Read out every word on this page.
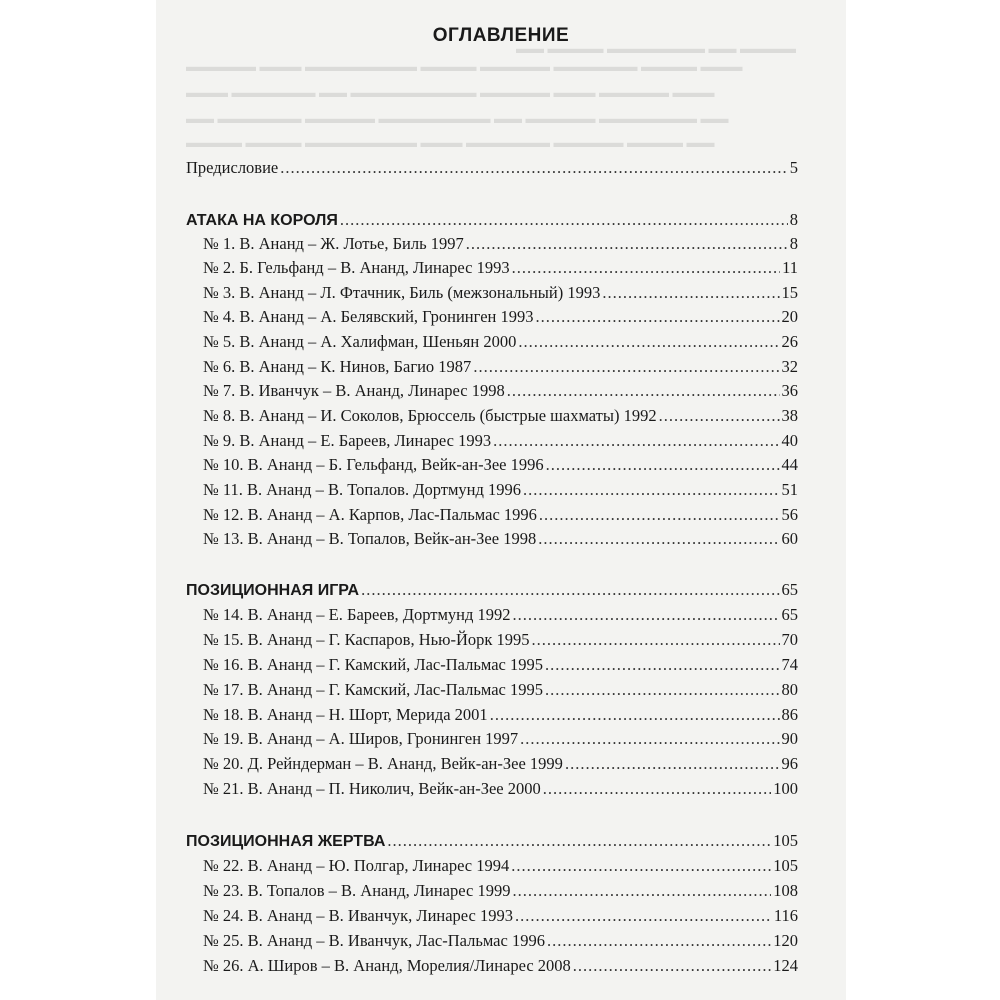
▬▬ ▬▬▬▬ ▬▬▬▬▬▬▬ ▬▬ ▬▬▬▬
▬▬▬▬▬ ▬▬▬ ▬▬▬▬▬▬▬▬ ▬▬▬▬ ▬▬▬▬▬ ▬▬▬▬▬▬ ▬▬▬▬ ▬▬▬
▬▬▬ ▬▬▬▬▬▬ ▬▬ ▬▬▬▬▬▬▬▬▬ ▬▬▬▬▬ ▬▬▬ ▬▬▬▬▬ ▬▬▬
▬▬ ▬▬▬▬▬▬ ▬▬▬▬▬ ▬▬▬▬▬▬▬▬ ▬▬ ▬▬▬▬▬ ▬▬▬▬▬▬▬ ▬▬
▬▬▬▬ ▬▬▬▬ ▬▬▬▬▬▬▬▬ ▬▬▬ ▬▬▬▬▬▬ ▬▬▬▬▬ ▬▬▬▬ ▬▬
ОГЛАВЛЕНИЕ
Предисловие .....	5
АТАКА НА КОРОЛЯ .....	8
№ 1. В. Ананд – Ж. Лотье, Биль 1997 .....	8
№ 2. Б. Гельфанд – В. Ананд, Линарес 1993 .....	11
№ 3. В. Ананд – Л. Фтачник, Биль (межзональный) 1993 .....	15
№ 4. В. Ананд – А. Белявский, Гронинген 1993 .....	20
№ 5. В. Ананд – А. Халифман, Шеньян 2000 .....	26
№ 6. В. Ананд – К. Нинов, Багио 1987 .....	32
№ 7. В. Иванчук – В. Ананд, Линарес 1998 .....	36
№ 8. В. Ананд – И. Соколов, Брюссель (быстрые шахматы) 1992 .....	38
№ 9. В. Ананд – Е. Бареев, Линарес 1993 .....	40
№ 10. В. Ананд – Б. Гельфанд, Вейк-ан-Зее 1996 .....	44
№ 11. В. Ананд – В. Топалов. Дортмунд 1996 .....	51
№ 12. В. Ананд – А. Карпов, Лас-Пальмас 1996 .....	56
№ 13. В. Ананд – В. Топалов, Вейк-ан-Зее 1998 .....	60
ПОЗИЦИОННАЯ ИГРА .....	65
№ 14. В. Ананд – Е. Бареев, Дортмунд 1992 .....	65
№ 15. В. Ананд – Г. Каспаров, Нью-Йорк 1995 .....	70
№ 16. В. Ананд – Г. Камский, Лас-Пальмас 1995 .....	74
№ 17. В. Ананд – Г. Камский, Лас-Пальмас 1995 .....	80
№ 18. В. Ананд – Н. Шорт, Мерида 2001 .....	86
№ 19. В. Ананд – А. Широв, Гронинген 1997 .....	90
№ 20. Д. Рейндерман – В. Ананд, Вейк-ан-Зее 1999 .....	96
№ 21. В. Ананд – П. Николич, Вейк-ан-Зее 2000 .....	100
ПОЗИЦИОННАЯ ЖЕРТВА .....	105
№ 22. В. Ананд – Ю. Полгар, Линарес 1994 .....	105
№ 23. В. Топалов – В. Ананд, Линарес 1999 .....	108
№ 24. В. Ананд – В. Иванчук, Линарес 1993 .....	116
№ 25. В. Ананд – В. Иванчук, Лас-Пальмас 1996 .....	120
№ 26. А. Широв – В. Ананд, Морелия/Линарес 2008 .....	124
